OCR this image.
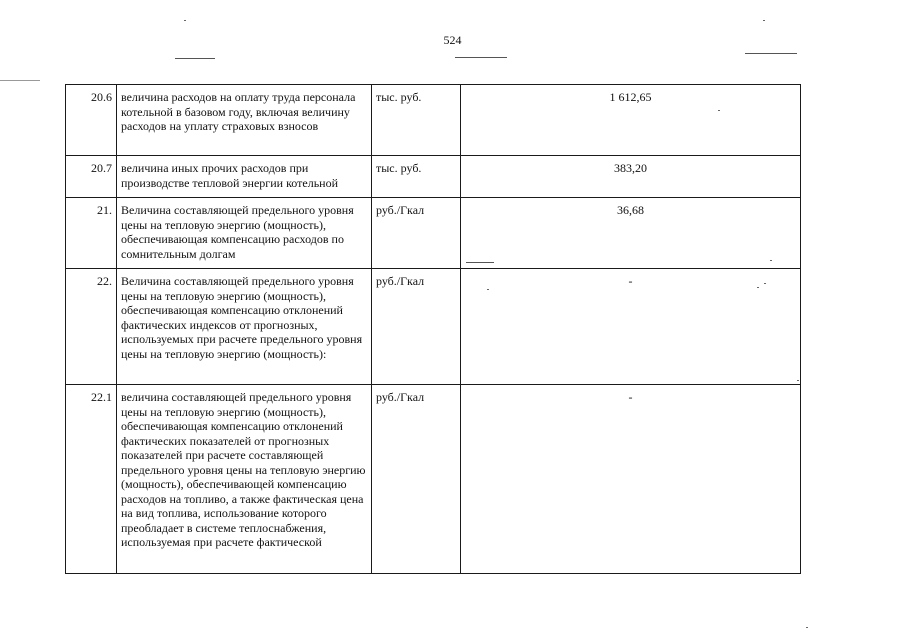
524
20.6	величина расходов на оплату труда персонала котельной в базовом году, включая величину расходов на уплату страховых взносов	тыс. руб.	1 612,65
20.7	величина иных прочих расходов при производстве тепловой энергии котельной	тыс. руб.	383,20
21.	Величина составляющей предельного уровня цены на тепловую энергию (мощность), обеспечивающая компенсацию расходов по сомнительным долгам	руб./Гкал	36,68
22.	Величина составляющей предельного уровня цены на тепловую энергию (мощность), обеспечивающая компенсацию отклонений фактических индексов от прогнозных, используемых при расчете предельного уровня цены на тепловую энергию (мощность):	руб./Гкал	-
22.1	величина составляющей предельного уровня цены на тепловую энергию (мощность), обеспечивающая компенсацию отклонений фактических показателей от прогнозных показателей при расчете составляющей предельного уровня цены на тепловую энергию (мощность), обеспечивающей компенсацию расходов на топливо, а также фактическая цена на вид топлива, использование которого преобладает в системе теплоснабжения, используемая при расчете фактической	руб./Гкал	-
